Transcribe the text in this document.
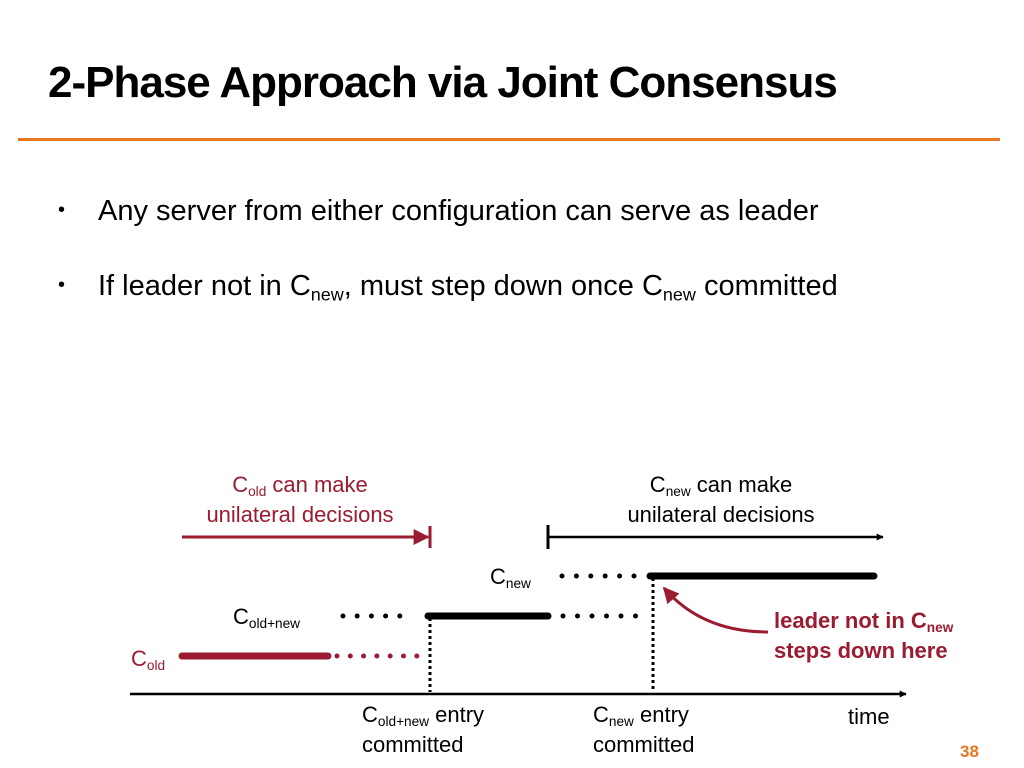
2-Phase Approach via Joint Consensus
• Any server from either configuration can serve as leader
• If leader not in $C_{new}$, must step down once $C_{new}$ committed
$C_{old}$ can make
unilateral decisions
$C_{new}$ can make
unilateral decisions
$C_{new}$
$C_{old+new}$
$C_{old}$
$C_{old+new}$ entry
committed
$C_{new}$ entry
committed
time
leader not in $C_{new}$
steps down here
38
